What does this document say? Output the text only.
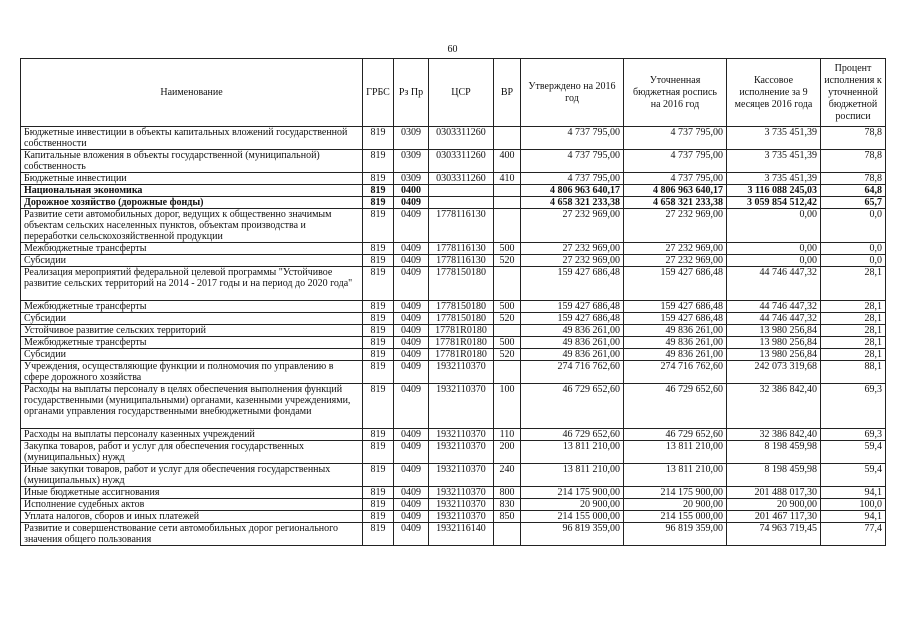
60
Наименование	ГРБС	Рз Пр	ЦСР	ВР	Утверждено на 2016 год	Уточненная бюджетная роспись на 2016 год	Кассовое исполнение за 9 месяцев 2016 года	Процент исполнения к уточненной бюджетной росписи
Бюджетные инвестиции в объекты капитальных вложений государственной собственности	819	0309	0303311260		4 737 795,00	4 737 795,00	3 735 451,39	78,8
Капитальные вложения в объекты государственной (муниципальной) собственность	819	0309	0303311260	400	4 737 795,00	4 737 795,00	3 735 451,39	78,8
Бюджетные инвестиции	819	0309	0303311260	410	4 737 795,00	4 737 795,00	3 735 451,39	78,8
Национальная экономика	819	0400			4 806 963 640,17	4 806 963 640,17	3 116 088 245,03	64,8
Дорожное хозяйство (дорожные фонды)	819	0409			4 658 321 233,38	4 658 321 233,38	3 059 854 512,42	65,7
Развитие сети автомобильных дорог, ведущих к общественно значимым объектам сельских населенных пунктов, объектам производства и переработки сельскохозяйственной продукции	819	0409	1778116130		27 232 969,00	27 232 969,00	0,00	0,0
Межбюджетные трансферты	819	0409	1778116130	500	27 232 969,00	27 232 969,00	0,00	0,0
Субсидии	819	0409	1778116130	520	27 232 969,00	27 232 969,00	0,00	0,0
Реализация мероприятий федеральной целевой программы "Устойчивое развитие сельских территорий на 2014 - 2017 годы и на период до 2020 года"	819	0409	1778150180		159 427 686,48	159 427 686,48	44 746 447,32	28,1
Межбюджетные трансферты	819	0409	1778150180	500	159 427 686,48	159 427 686,48	44 746 447,32	28,1
Субсидии	819	0409	1778150180	520	159 427 686,48	159 427 686,48	44 746 447,32	28,1
Устойчивое развитие сельских территорий	819	0409	17781R0180		49 836 261,00	49 836 261,00	13 980 256,84	28,1
Межбюджетные трансферты	819	0409	17781R0180	500	49 836 261,00	49 836 261,00	13 980 256,84	28,1
Субсидии	819	0409	17781R0180	520	49 836 261,00	49 836 261,00	13 980 256,84	28,1
Учреждения, осуществляющие функции и полномочия по управлению в сфере дорожного хозяйства	819	0409	1932110370		274 716 762,60	274 716 762,60	242 073 319,68	88,1
Расходы на выплаты персоналу в целях обеспечения выполнения функций государственными (муниципальными) органами, казенными учреждениями, органами управления государственными внебюджетными фондами	819	0409	1932110370	100	46 729 652,60	46 729 652,60	32 386 842,40	69,3
Расходы на выплаты персоналу казенных учреждений	819	0409	1932110370	110	46 729 652,60	46 729 652,60	32 386 842,40	69,3
Закупка товаров, работ и услуг для обеспечения государственных (муниципальных) нужд	819	0409	1932110370	200	13 811 210,00	13 811 210,00	8 198 459,98	59,4
Иные закупки товаров, работ и услуг для обеспечения государственных (муниципальных) нужд	819	0409	1932110370	240	13 811 210,00	13 811 210,00	8 198 459,98	59,4
Иные бюджетные ассигнования	819	0409	1932110370	800	214 175 900,00	214 175 900,00	201 488 017,30	94,1
Исполнение судебных актов	819	0409	1932110370	830	20 900,00	20 900,00	20 900,00	100,0
Уплата налогов, сборов и иных платежей	819	0409	1932110370	850	214 155 000,00	214 155 000,00	201 467 117,30	94,1
Развитие и совершенствование сети автомобильных дорог регионального значения общего пользования	819	0409	1932116140		96 819 359,00	96 819 359,00	74 963 719,45	77,4
